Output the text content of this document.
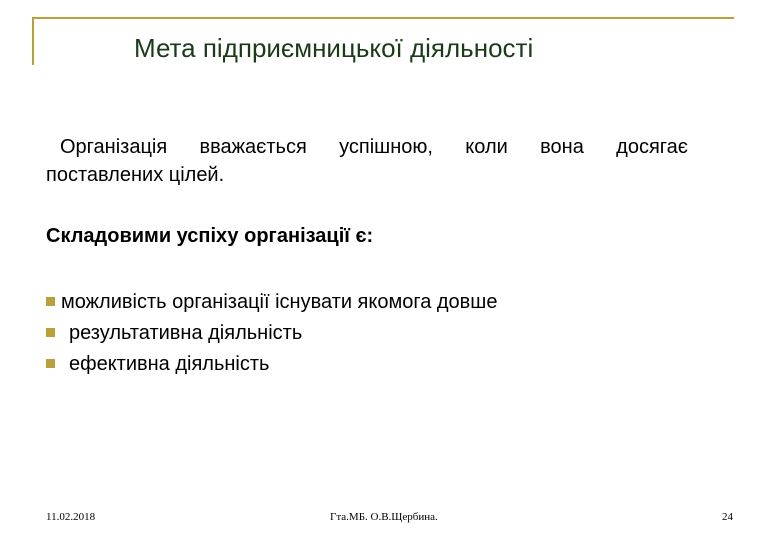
Мета підприємницької діяльності
Організація вважається успішною, коли вона досягає
поставлених цілей.
Складовими успіху організації є:
можливість організації існувати якомога довше
результативна діяльність
ефективна діяльність
11.02.2018	Гта.МБ. О.В.Щербина.	24
